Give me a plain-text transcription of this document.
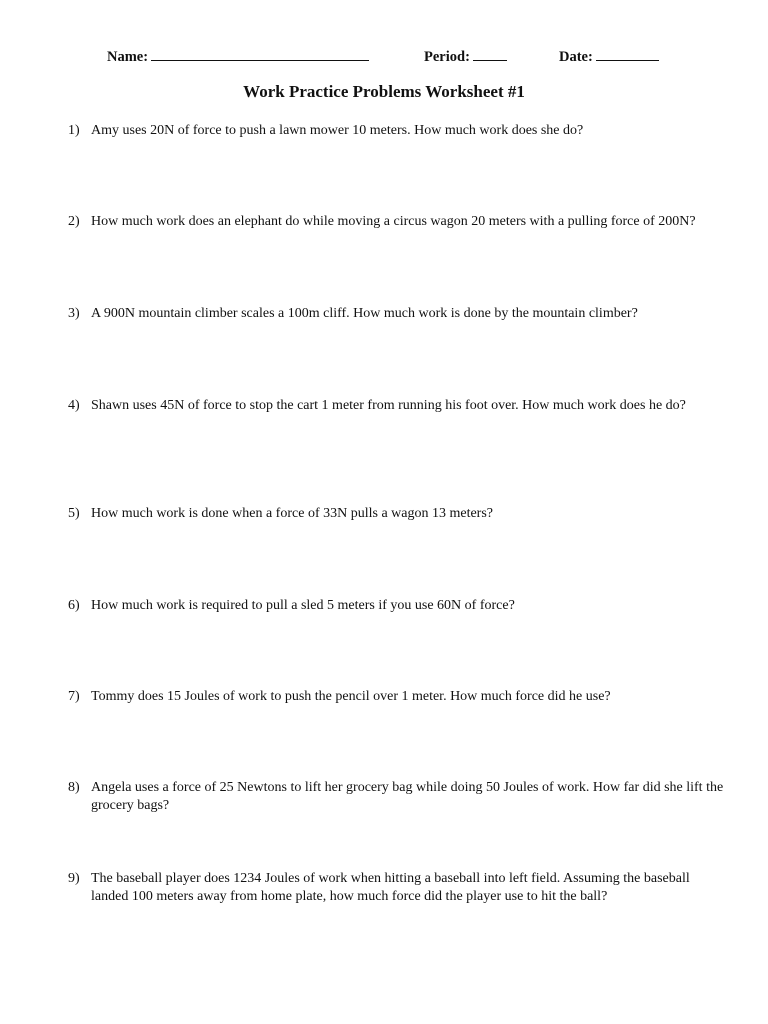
Name:	Period:	Date:
Work Practice Problems Worksheet #1
1) Amy uses 20N of force to push a lawn mower 10 meters. How much work does she do?
2) How much work does an elephant do while moving a circus wagon 20 meters with a pulling force of 200N?
3) A 900N mountain climber scales a 100m cliff. How much work is done by the mountain climber?
4) Shawn uses 45N of force to stop the cart 1 meter from running his foot over. How much work does he do?
5) How much work is done when a force of 33N pulls a wagon 13 meters?
6) How much work is required to pull a sled 5 meters if you use 60N of force?
7) Tommy does 15 Joules of work to push the pencil over 1 meter. How much force did he use?
8) Angela uses a force of 25 Newtons to lift her grocery bag while doing 50 Joules of work. How far did she lift the grocery bags?
9) The baseball player does 1234 Joules of work when hitting a baseball into left field. Assuming the baseball landed 100 meters away from home plate, how much force did the player use to hit the ball?
